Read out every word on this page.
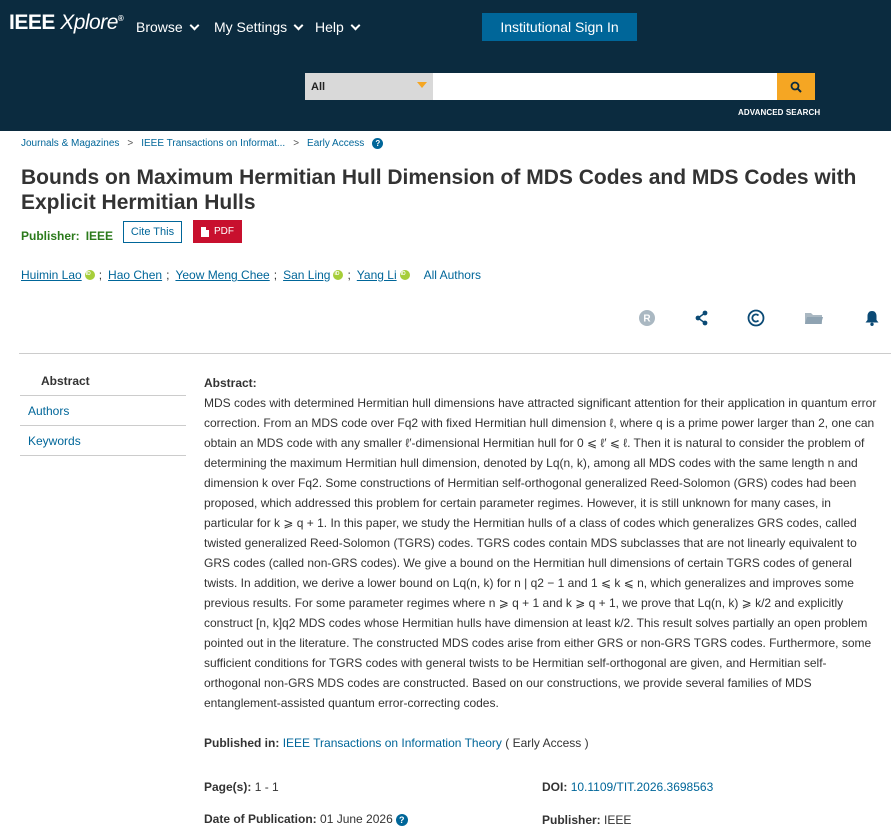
IEEE Xplore®
Browse My Settings Help	Institutional Sign In
All
ADVANCED SEARCH
Journals & Magazines > IEEE Transactions on Informat... > Early Access	?
Bounds on Maximum Hermitian Hull Dimension of MDS Codes and MDS Codes with Explicit Hermitian Hulls
Publisher: IEEE	Cite This	PDF
Huimin Lao iD ; Hao Chen ; Yeow Meng Chee ; San Ling iD ; Yang Li iD All Authors
R
Abstract
Authors
Keywords
Abstract:
MDS codes with determined Hermitian hull dimensions have attracted significant attention for their application in quantum error correction. From an MDS code over Fq2 with fixed Hermitian hull dimension ℓ, where q is a prime power larger than 2, one can obtain an MDS code with any smaller ℓ′-dimensional Hermitian hull for 0 ⩽ ℓ′ ⩽ ℓ. Then it is natural to consider the problem of determining the maximum Hermitian hull dimension, denoted by Lq(n, k), among all MDS codes with the same length n and dimension k over Fq2. Some constructions of Hermitian self-orthogonal generalized Reed-Solomon (GRS) codes had been proposed, which addressed this problem for certain parameter regimes. However, it is still unknown for many cases, in particular for k ⩾ q + 1. In this paper, we study the Hermitian hulls of a class of codes which generalizes GRS codes, called twisted generalized Reed-Solomon (TGRS) codes. TGRS codes contain MDS subclasses that are not linearly equivalent to GRS codes (called non-GRS codes). We give a bound on the Hermitian hull dimensions of certain TGRS codes of general twists. In addition, we derive a lower bound on Lq(n, k) for n | q2 − 1 and 1 ⩽ k ⩽ n, which generalizes and improves some previous results. For some parameter regimes where n ⩾ q + 1 and k ⩾ q + 1, we prove that Lq(n, k) ⩾ k/2 and explicitly construct [n, k]q2 MDS codes whose Hermitian hulls have dimension at least k/2. This result solves partially an open problem pointed out in the literature. The constructed MDS codes arise from either GRS or non-GRS TGRS codes. Furthermore, some sufficient conditions for TGRS codes with general twists to be Hermitian self-orthogonal are given, and Hermitian self-orthogonal non-GRS MDS codes are constructed. Based on our constructions, we provide several families of MDS entanglement-assisted quantum error-correcting codes.
Published in: IEEE Transactions on Information Theory ( Early Access )
Page(s): 1 - 1	DOI: 10.1109/TIT.2026.3698563
Date of Publication: 01 June 2026 ?	Publisher: IEEE
